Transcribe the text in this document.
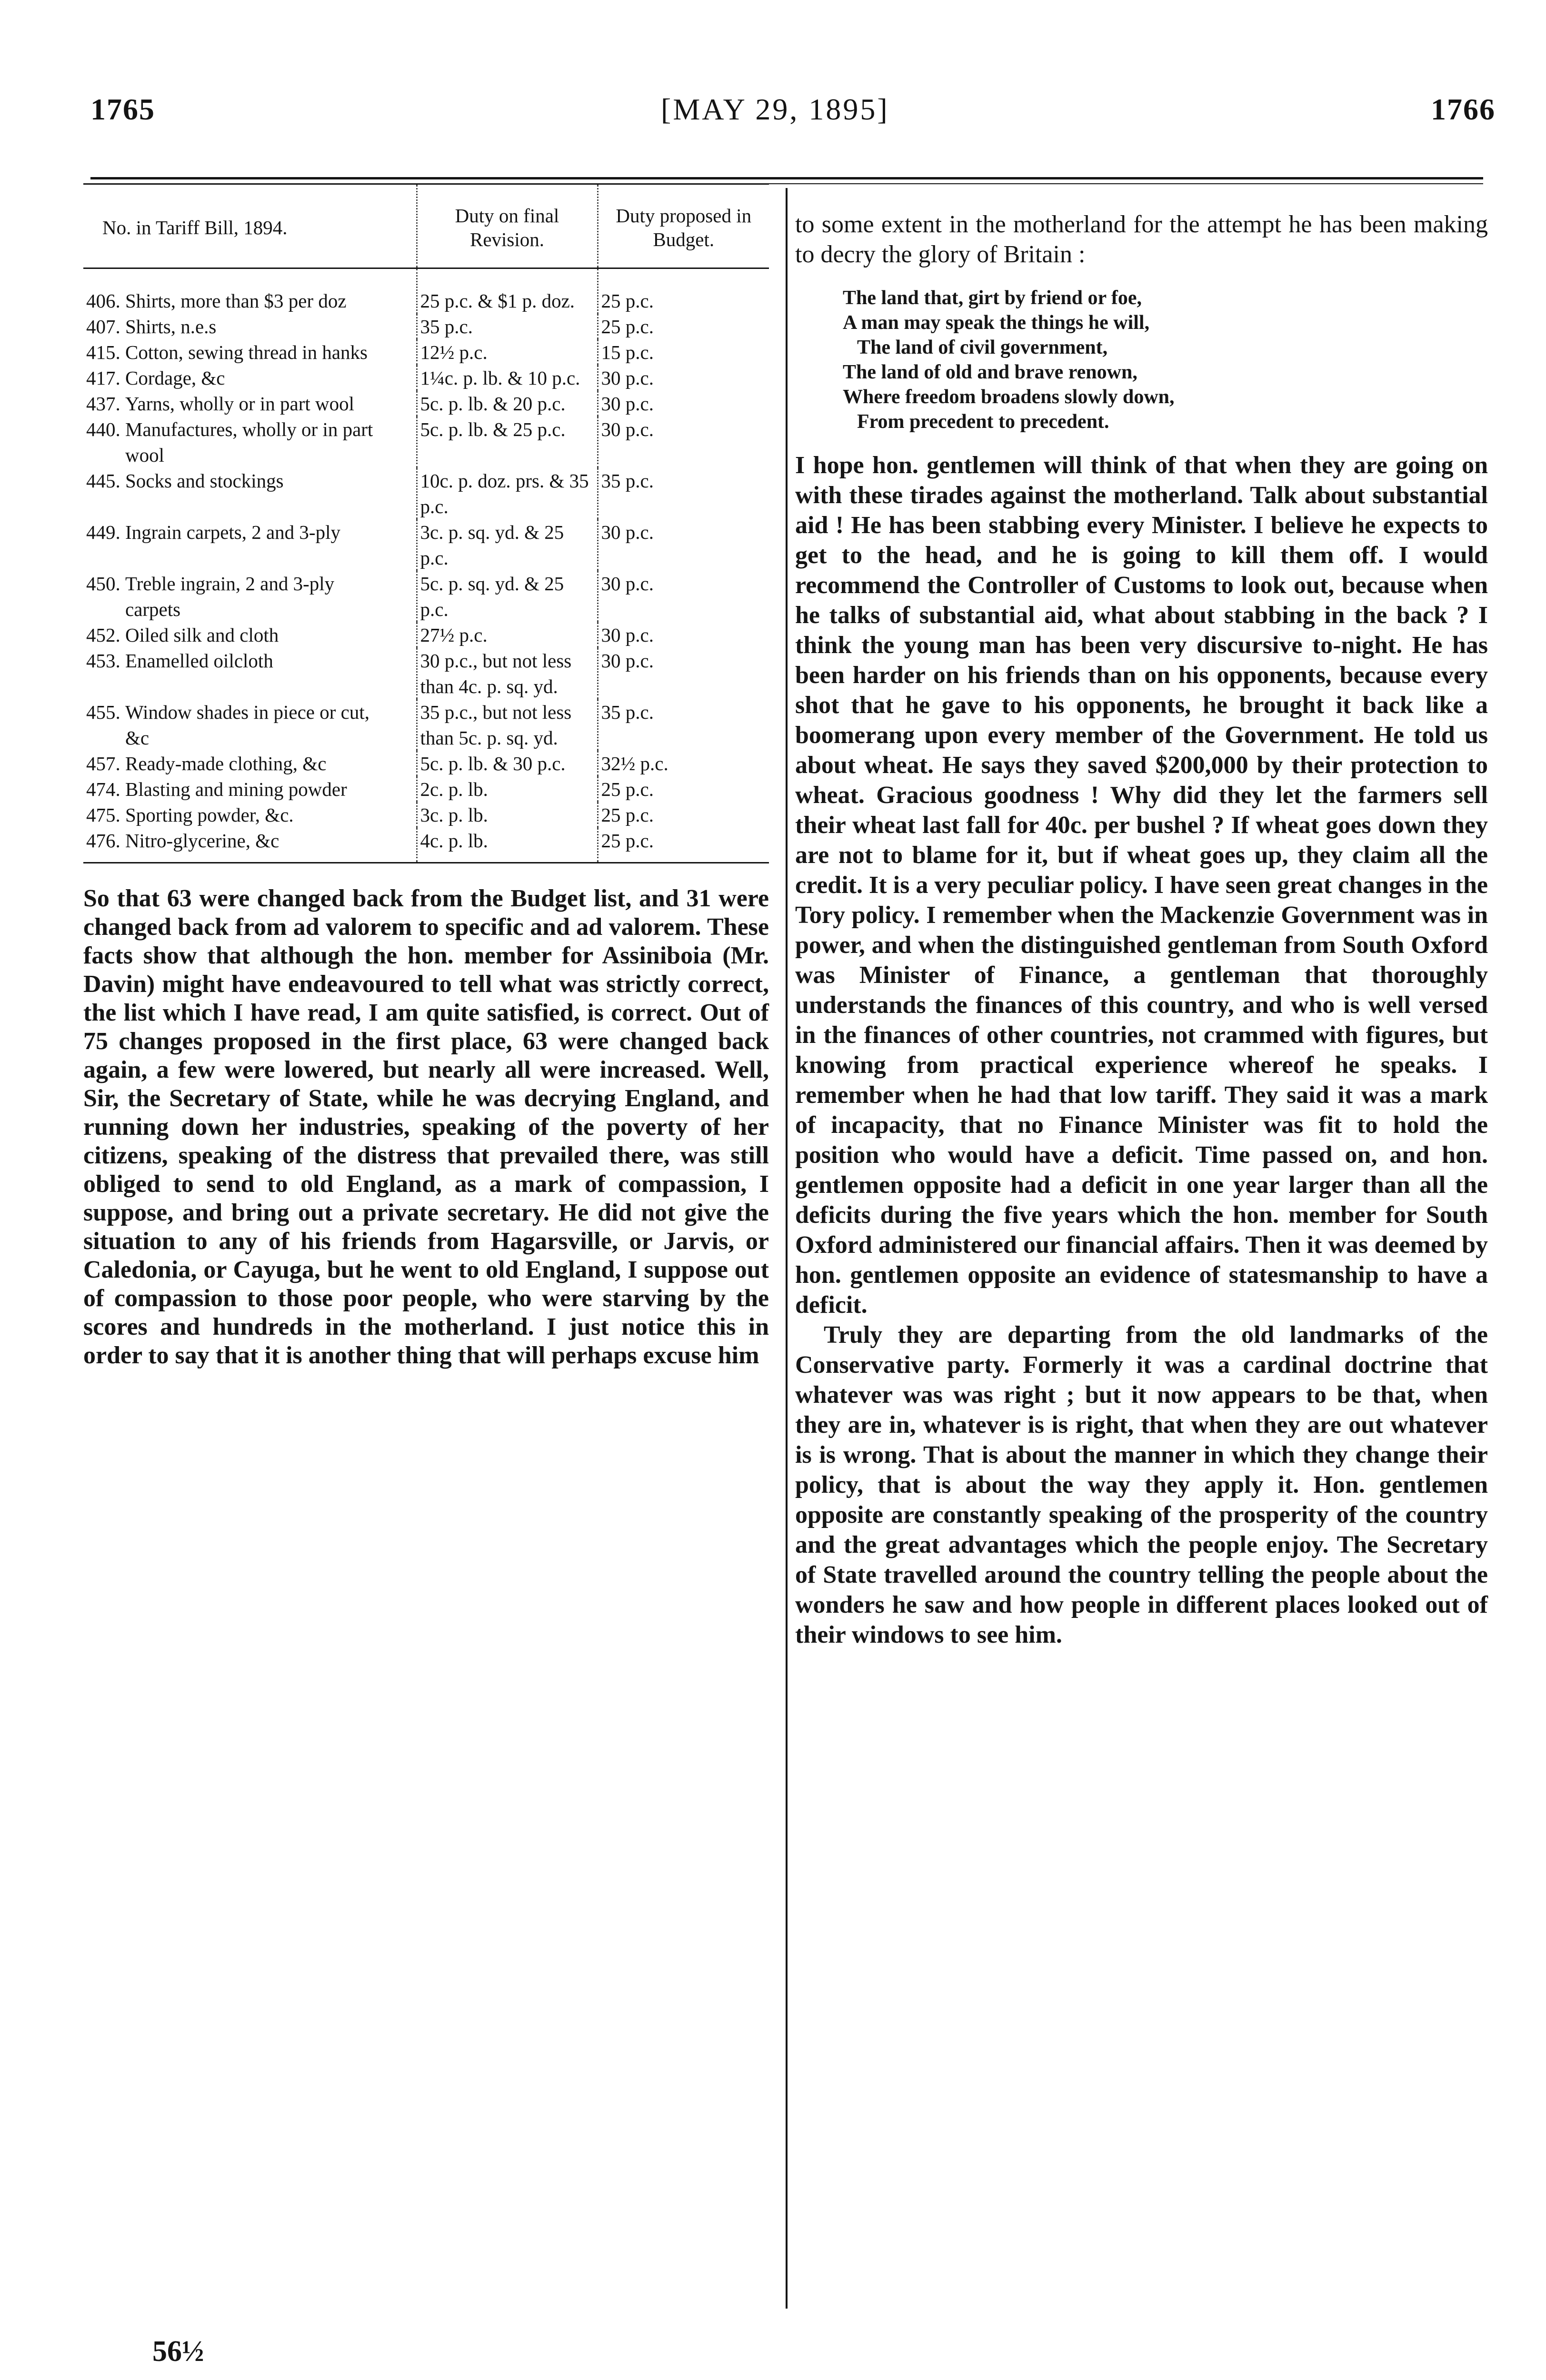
1765	[MAY 29, 1895]	1766
No. in Tariff Bill, 1894.	Duty on final Revision.	Duty proposed in Budget.
406. Shirts, more than $3 per doz	25 p.c. & $1 p. doz.	25 p.c.
407. Shirts, n.e.s	35 p.c.	25 p.c.
415. Cotton, sewing thread in hanks	12½ p.c.	15 p.c.
417. Cordage, &c	1¼c. p. lb. & 10 p.c.	30 p.c.
437. Yarns, wholly or in part wool	5c. p. lb. & 20 p.c.	30 p.c.
440. Manufactures, wholly or in part wool	5c. p. lb. & 25 p.c.	30 p.c.
445. Socks and stockings	10c. p. doz. prs. & 35 p.c.	35 p.c.
449. Ingrain carpets, 2 and 3-ply	3c. p. sq. yd. & 25 p.c.	30 p.c.
450. Treble ingrain, 2 and 3-ply carpets	5c. p. sq. yd. & 25 p.c.	30 p.c.
452. Oiled silk and cloth	27½ p.c.	30 p.c.
453. Enamelled oilcloth	30 p.c., but not less than 4c. p. sq. yd.	30 p.c.
455. Window shades in piece or cut, &c	35 p.c., but not less than 5c. p. sq. yd.	35 p.c.
457. Ready-made clothing, &c	5c. p. lb. & 30 p.c.	32½ p.c.
474. Blasting and mining powder	2c. p. lb.	25 p.c.
475. Sporting powder, &c.	3c. p. lb.	25 p.c.
476. Nitro-glycerine, &c	4c. p. lb.	25 p.c.

So that 63 were changed back from the Budget list, and 31 were changed back from ad valorem to specific and ad valorem. These facts show that although the hon. member for Assiniboia (Mr. Davin) might have endeavoured to tell what was strictly correct, the list which I have read, I am quite satisfied, is correct. Out of 75 changes proposed in the first place, 63 were changed back again, a few were lowered, but nearly all were increased. Well, Sir, the Secretary of State, while he was decrying England, and running down her industries, speaking of the poverty of her citizens, speaking of the distress that prevailed there, was still obliged to send to old England, as a mark of compassion, I suppose, and bring out a private secretary. He did not give the situation to any of his friends from Hagarsville, or Jarvis, or Caledonia, or Cayuga, but he went to old England, I suppose out of compassion to those poor people, who were starving by the scores and hundreds in the motherland. I just notice this in order to say that it is another thing that will perhaps excuse him

to some extent in the motherland for the attempt he has been making to decry the glory of Britain :

The land that, girt by friend or foe,
A man may speak the things he will,
The land of civil government,
The land of old and brave renown,
Where freedom broadens slowly down,
From precedent to precedent.

I hope hon. gentlemen will think of that when they are going on with these tirades against the motherland. Talk about substantial aid ! He has been stabbing every Minister. I believe he expects to get to the head, and he is going to kill them off. I would recommend the Controller of Customs to look out, because when he talks of substantial aid, what about stabbing in the back ? I think the young man has been very discursive to-night. He has been harder on his friends than on his opponents, because every shot that he gave to his opponents, he brought it back like a boomerang upon every member of the Government. He told us about wheat. He says they saved $200,000 by their protection to wheat. Gracious goodness ! Why did they let the farmers sell their wheat last fall for 40c. per bushel ? If wheat goes down they are not to blame for it, but if wheat goes up, they claim all the credit. It is a very peculiar policy. I have seen great changes in the Tory policy. I remember when the Mackenzie Government was in power, and when the distinguished gentleman from South Oxford was Minister of Finance, a gentleman that thoroughly understands the finances of this country, and who is well versed in the finances of other countries, not crammed with figures, but knowing from practical experience whereof he speaks. I remember when he had that low tariff. They said it was a mark of incapacity, that no Finance Minister was fit to hold the position who would have a deficit. Time passed on, and hon. gentlemen opposite had a deficit in one year larger than all the deficits during the five years which the hon. member for South Oxford administered our financial affairs. Then it was deemed by hon. gentlemen opposite an evidence of statesmanship to have a deficit.

Truly they are departing from the old landmarks of the Conservative party. Formerly it was a cardinal doctrine that whatever was was right ; but it now appears to be that, when they are in, whatever is is right, that when they are out whatever is is wrong. That is about the manner in which they change their policy, that is about the way they apply it. Hon. gentlemen opposite are constantly speaking of the prosperity of the country and the great advantages which the people enjoy. The Secretary of State travelled around the country telling the people about the wonders he saw and how people in different places looked out of their windows to see him.

56½
